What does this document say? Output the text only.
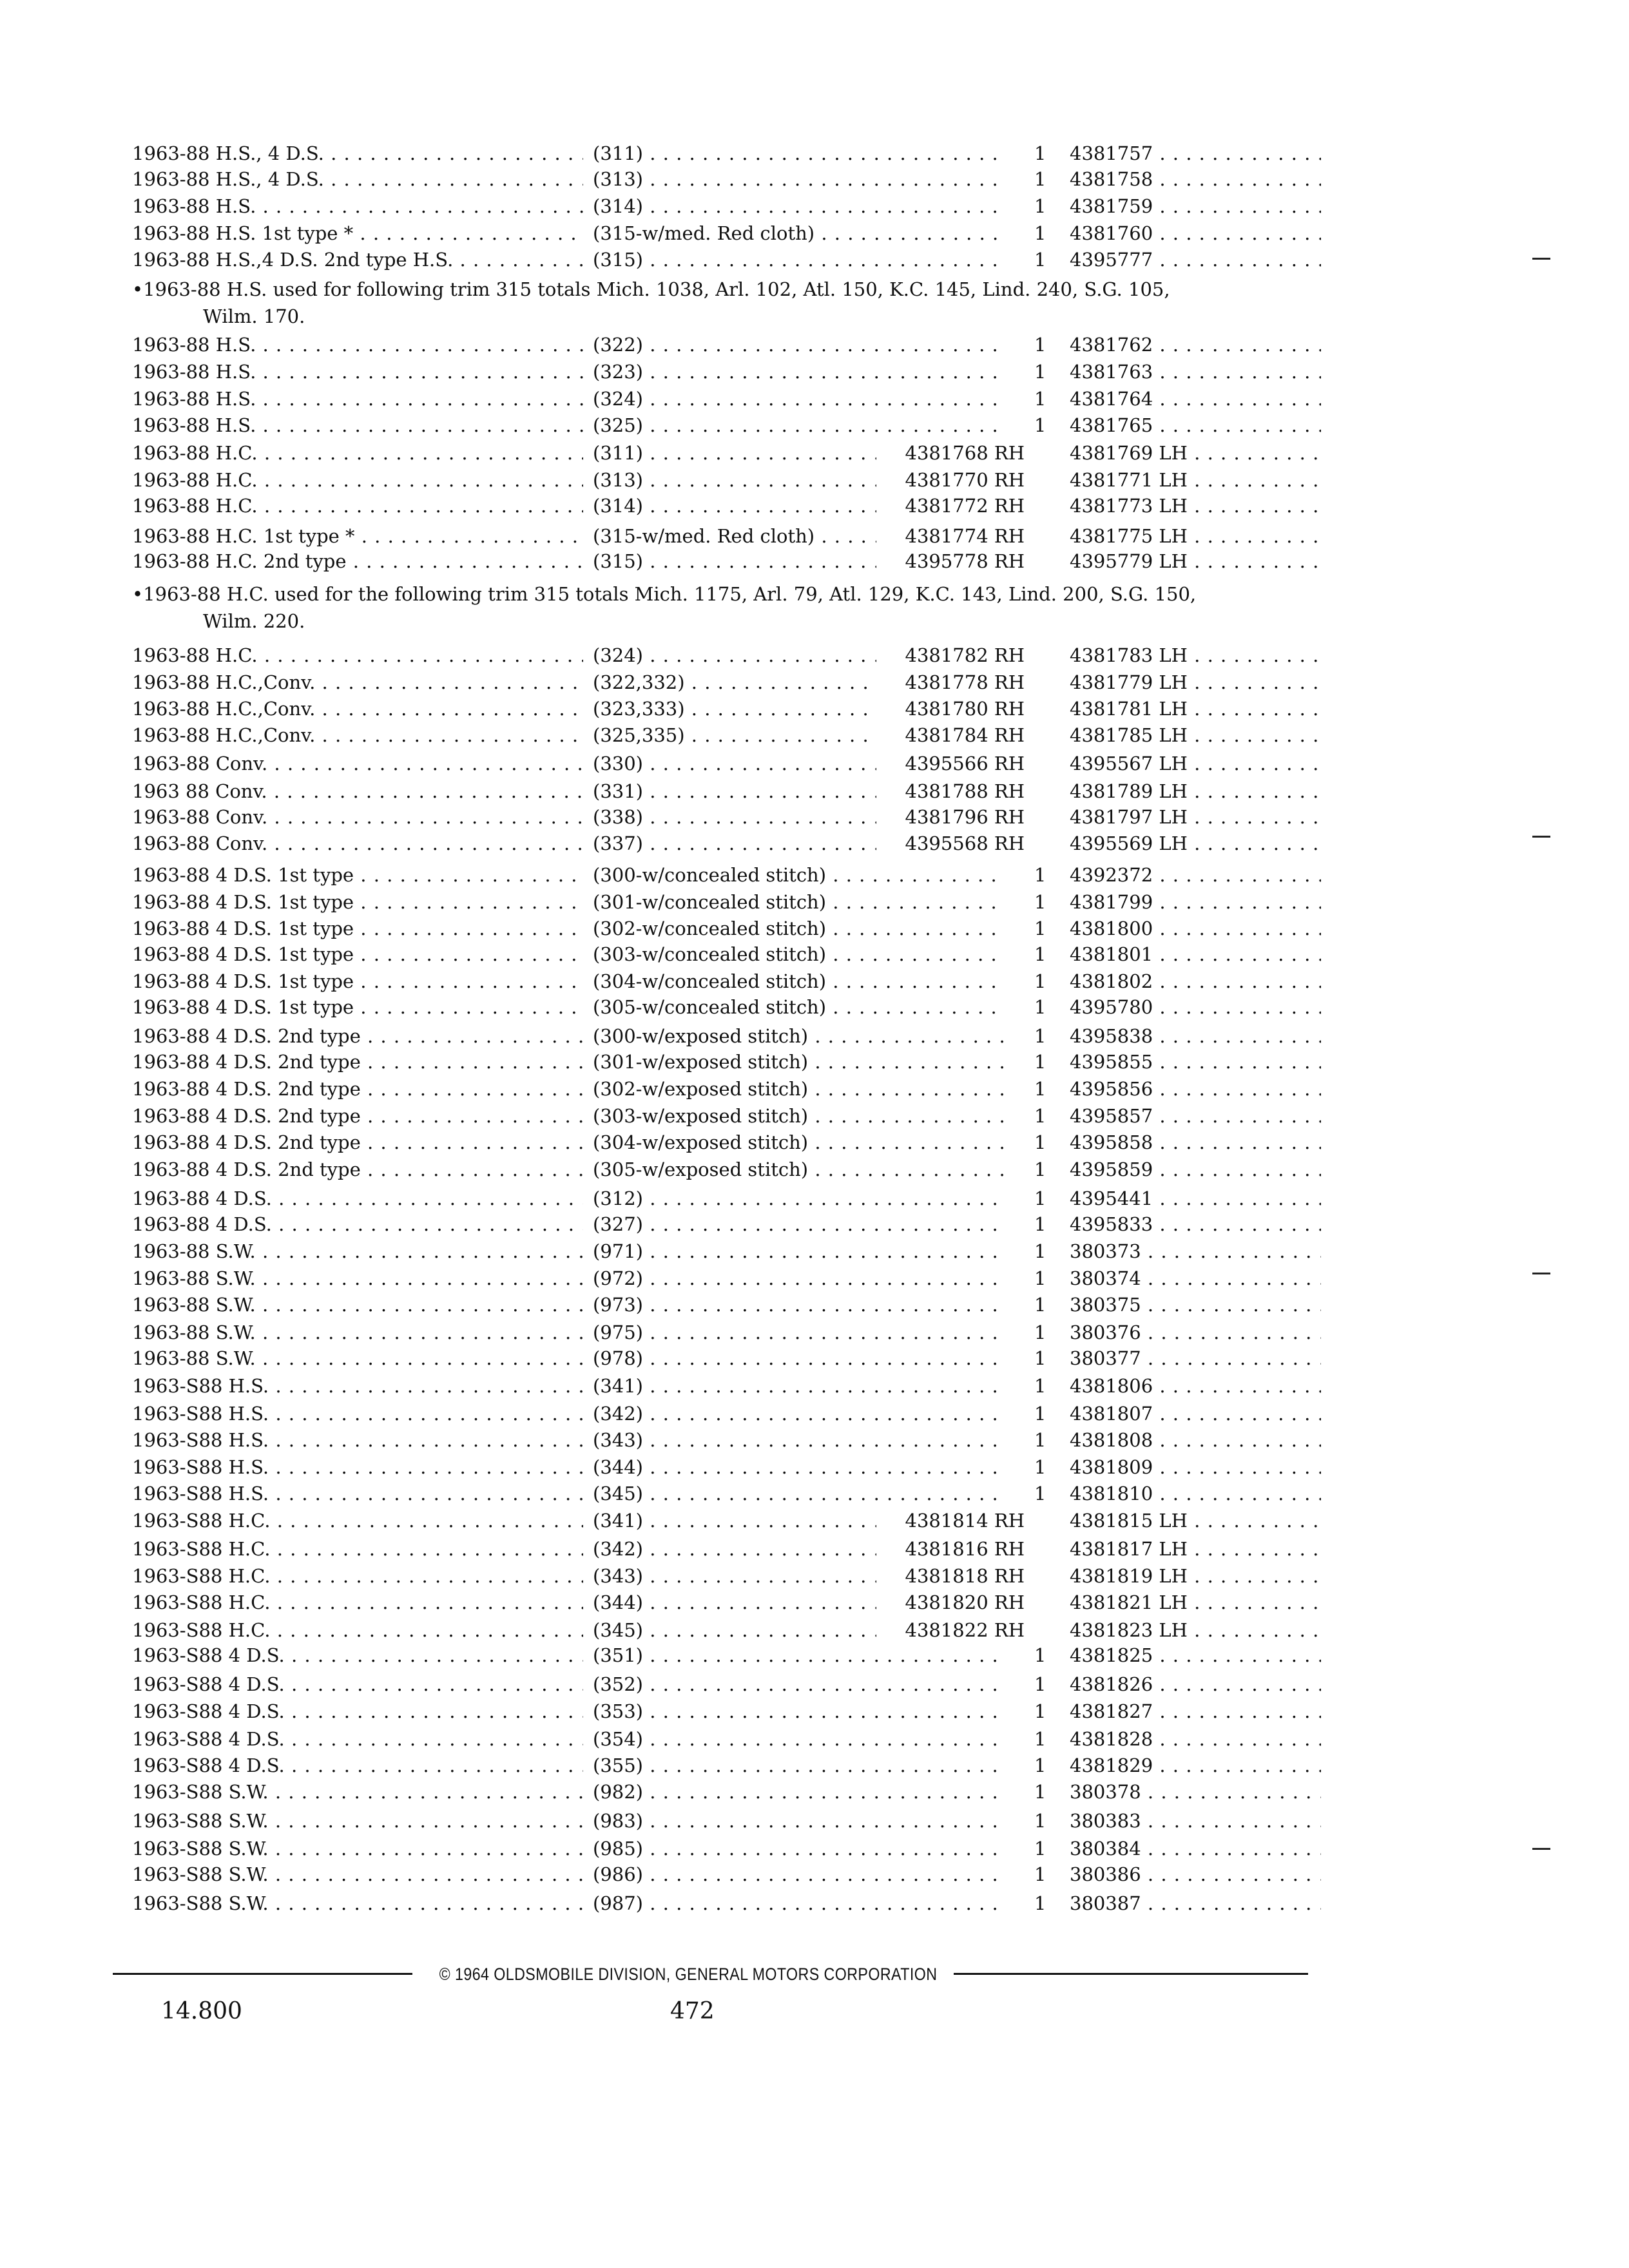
1963-88 H.S., 4 D.S. . . .	(311) . . .	1	4381757 . . .
1963-88 H.S., 4 D.S. . . .	(313) . . .	1	4381758 . . .
1963-88 H.S. . . .	(314) . . .	1	4381759 . . .
1963-88 H.S. 1st type * . . .	(315-w/med. Red cloth) . . .	1	4381760 . . .
1963-88 H.S.,4 D.S. 2nd type H.S. . . .	(315) . . .	1	4395777 . . .
1963-88 H.S. . . .	(322) . . .	1	4381762 . . .
1963-88 H.S. . . .	(323) . . .	1	4381763 . . .
1963-88 H.S. . . .	(324) . . .	1	4381764 . . .
1963-88 H.S. . . .	(325) . . .	1	4381765 . . .
1963-88 H.C. . . .	(311) . . .	4381768 RH 4381769 LH . . .
1963-88 H.C. . . .	(313) . . .	4381770 RH 4381771 LH . . .
1963-88 H.C. . . .	(314) . . .	4381772 RH 4381773 LH . . .
1963-88 H.C. 1st type * . . .	(315-w/med. Red cloth) . . .	4381774 RH 4381775 LH . . .
1963-88 H.C. 2nd type . . .	(315) . . .	4395778 RH 4395779 LH . . .
1963-88 H.C. . . .	(324) . . .	4381782 RH 4381783 LH . . .
1963-88 H.C.,Conv. . . .	(322,332) . . .	4381778 RH 4381779 LH . . .
1963-88 H.C.,Conv. . . .	(323,333) . . .	4381780 RH 4381781 LH . . .
1963-88 H.C.,Conv. . . .	(325,335) . . .	4381784 RH 4381785 LH . . .
1963-88 Conv. . . .	(330) . . .	4395566 RH 4395567 LH . . .
1963 88 Conv. . . .	(331) . . .	4381788 RH 4381789 LH . . .
1963-88 Conv. . . .	(338) . . .	4381796 RH 4381797 LH . . .
1963-88 Conv. . . .	(337) . . .	4395568 RH 4395569 LH . . .
1963-88 4 D.S. 1st type . . .	(300-w/concealed stitch) . . .	1	4392372 . . .
1963-88 4 D.S. 1st type . . .	(301-w/concealed stitch) . . .	1	4381799 . . .
1963-88 4 D.S. 1st type . . .	(302-w/concealed stitch) . . .	1	4381800 . . .
1963-88 4 D.S. 1st type . . .	(303-w/concealed stitch) . . .	1	4381801 . . .
1963-88 4 D.S. 1st type . . .	(304-w/concealed stitch) . . .	1	4381802 . . .
1963-88 4 D.S. 1st type . . .	(305-w/concealed stitch) . . .	1	4395780 . . .
1963-88 4 D.S. 2nd type . . .	(300-w/exposed stitch) . . .	1	4395838 . . .
1963-88 4 D.S. 2nd type . . .	(301-w/exposed stitch) . . .	1	4395855 . . .
1963-88 4 D.S. 2nd type . . .	(302-w/exposed stitch) . . .	1	4395856 . . .
1963-88 4 D.S. 2nd type . . .	(303-w/exposed stitch) . . .	1	4395857 . . .
1963-88 4 D.S. 2nd type . . .	(304-w/exposed stitch) . . .	1	4395858 . . .
1963-88 4 D.S. 2nd type . . .	(305-w/exposed stitch) . . .	1	4395859 . . .
1963-88 4 D.S. . . .	(312) . . .	1	4395441 . . .
1963-88 4 D.S. . . .	(327) . . .	1	4395833 . . .
1963-88 S.W. . . .	(971) . . .	1	380373 . . .
1963-88 S.W. . . .	(972) . . .	1	380374 . . .
1963-88 S.W. . . .	(973) . . .	1	380375 . . .
1963-88 S.W. . . .	(975) . . .	1	380376 . . .
1963-88 S.W. . . .	(978) . . .	1	380377 . . .
1963-S88 H.S. . . .	(341) . . .	1	4381806 . . .
1963-S88 H.S. . . .	(342) . . .	1	4381807 . . .
1963-S88 H.S. . . .	(343) . . .	1	4381808 . . .
1963-S88 H.S. . . .	(344) . . .	1	4381809 . . .
1963-S88 H.S. . . .	(345) . . .	1	4381810 . . .
1963-S88 H.C. . . .	(341) . . .	4381814 RH 4381815 LH . . .
1963-S88 H.C. . . .	(342) . . .	4381816 RH 4381817 LH . . .
1963-S88 H.C. . . .	(343) . . .	4381818 RH 4381819 LH . . .
1963-S88 H.C. . . .	(344) . . .	4381820 RH 4381821 LH . . .
1963-S88 H.C. . . .	(345) . . .	4381822 RH 4381823 LH . . .
1963-S88 4 D.S. . . .	(351) . . .	1	4381825 . . .
1963-S88 4 D.S. . . .	(352) . . .	1	4381826 . . .
1963-S88 4 D.S. . . .	(353) . . .	1	4381827 . . .
1963-S88 4 D.S. . . .	(354) . . .	1	4381828 . . .
1963-S88 4 D.S. . . .	(355) . . .	1	4381829 . . .
1963-S88 S.W. . . .	(982) . . .	1	380378 . . .
1963-S88 S.W. . . .	(983) . . .	1	380383 . . .
1963-S88 S.W. . . .	(985) . . .	1	380384 . . .
1963-S88 S.W. . . .	(986) . . .	1	380386 . . .
1963-S88 S.W. . . .	(987) . . .	1	380387 . . .
•1963-88 H.S. used for following trim 315 totals Mich. 1038, Arl. 102, Atl. 150, K.C. 145, Lind. 240, S.G. 105,
Wilm. 170.
•1963-88 H.C. used for the following trim 315 totals Mich. 1175, Arl. 79, Atl. 129, K.C. 143, Lind. 200, S.G. 150,
Wilm. 220.
© 1964 OLDSMOBILE DIVISION, GENERAL MOTORS CORPORATION
14.800	472
